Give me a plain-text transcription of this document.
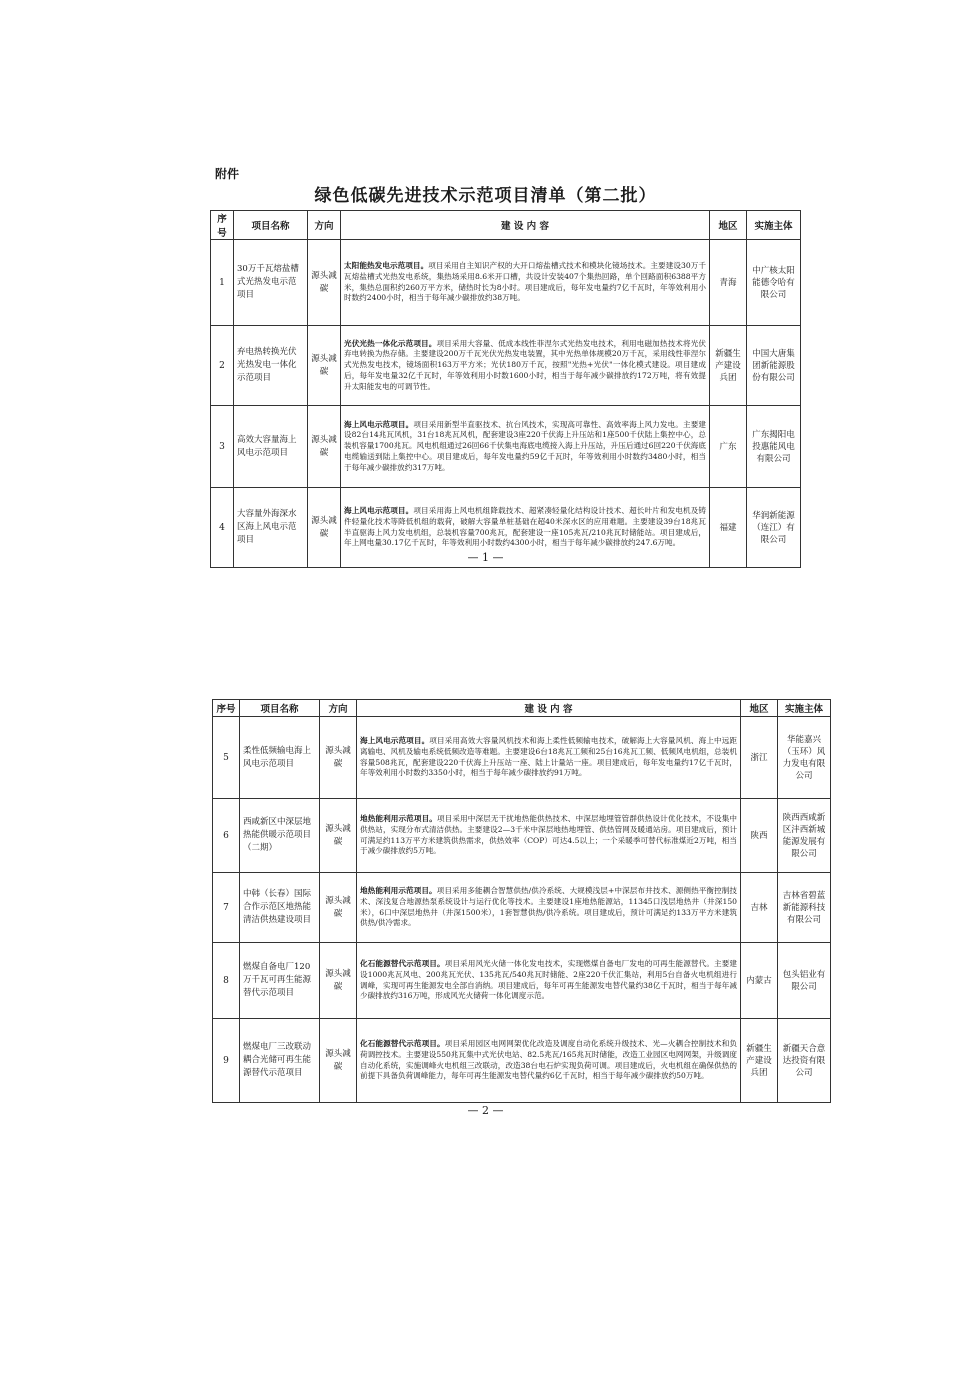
附件
绿色低碳先进技术示范项目清单（第二批）
序号	项目名称	方向	建 设 内 容	地区	实施主体
1	30万千瓦熔盐槽式光热发电示范项目	源头减碳	太阳能热发电示范项目。项目采用自主知识产权的大开口熔盐槽式技术和模块化镜场技术。主要建设30万千瓦熔盐槽式光热发电系统，集热场采用8.6米开口槽，共设计安装407个集热回路，单个回路面积6388平方米，集热总面积约260万平方米，储热时长为8小时。项目建成后，每年发电量约7亿千瓦时，年等效利用小时数约2400小时，相当于每年减少碳排放约38万吨。	青海	中广核太阳能德令哈有限公司
2	弃电热转换光伏光热发电一体化示范项目	源头减碳	光伏光热一体化示范项目。项目采用大容量、低成本线性菲涅尔式光热发电技术，利用电磁加热技术将光伏弃电转换为热存储。主要建设200万千瓦光伏光热发电装置，其中光热单体规模20万千瓦，采用线性菲涅尔式光热发电技术，镜场面积163万平方米；光伏180万千瓦，按照"光热+光伏"一体化模式建设。项目建成后，每年发电量32亿千瓦时，年等效利用小时数1600小时，相当于每年减少碳排放约172万吨，将有效提升太阳能发电的可调节性。	新疆生产建设兵团	中国大唐集团新能源股份有限公司
3	高效大容量海上风电示范项目	源头减碳	海上风电示范项目。项目采用新型半直驱技术、抗台风技术，实现高可靠性、高效率海上风力发电。主要建设82台14兆瓦风机，31台18兆瓦风机，配套建设3座220千伏海上升压站和1座500千伏陆上集控中心，总装机容量1700兆瓦。风电机组通过26回66千伏集电海底电缆接入海上升压站，升压后通过6回220千伏海底电缆输送到陆上集控中心。项目建成后，每年发电量约59亿千瓦时，年等效利用小时数约3480小时，相当于每年减少碳排放约317万吨。	广东	广东揭阳电投惠能风电有限公司
4	大容量外海深水区海上风电示范项目	源头减碳	海上风电示范项目。项目采用海上风电机组降载技术、超紧凑轻量化结构设计技术、超长叶片和发电机及铸件轻量化技术等降低机组的载荷，破解大容量单桩基础在超40米深水区的应用难题。主要建设39台18兆瓦半直驱海上风力发电机组，总装机容量700兆瓦，配套建设一座105兆瓦/210兆瓦时储能站。项目建成后，年上网电量30.17亿千瓦时，年等效利用小时数约4300小时，相当于每年减少碳排放约247.6万吨。	福建	华润新能源（连江）有限公司
— 1 —
序号	项目名称	方向	建 设 内 容	地区	实施主体
5	柔性低频输电海上风电示范项目	源头减碳	海上风电示范项目。项目采用高效大容量风机技术和海上柔性低频输电技术，破解海上大容量风机、海上中远距离输电、风机及输电系统低频改造等难题。主要建设6台18兆瓦工频和25台16兆瓦工频、低频风电机组，总装机容量508兆瓦，配套建设220千伏海上升压站一座、陆上计量站一座。项目建成后，每年发电量约17亿千瓦时，年等效利用小时数约3350小时，相当于每年减少碳排放约91万吨。	浙江	华能嘉兴（玉环）风力发电有限公司
6	西咸新区中深层地热能供暖示范项目（二期）	源头减碳	地热能利用示范项目。项目采用中深层无干扰地热能供热技术、中深层地埋管管群供热设计优化技术，不设集中供热站，实现分布式清洁供热。主要建设2—3千米中深层地热地埋管、供热管网及暖通站房。项目建成后，预计可满足约113万平方米建筑供热需求，供热效率（COP）可达4.5以上；一个采暖季可替代标准煤近2万吨，相当于减少碳排放约5万吨。	陕西	陕西西咸新区沣西新城能源发展有限公司
7	中韩（长春）国际合作示范区地热能清洁供热建设项目	源头减碳	地热能利用示范项目。项目采用多能耦合智慧供热/供冷系统、大规模浅层+中深层布井技术、源侧热平衡控制技术、深浅复合地源热泵系统设计与运行优化等技术。主要建设1座地热能源站，11345口浅层地热井（井深150米），6口中深层地热井（井深1500米），1套智慧供热/供冷系统。项目建成后，预计可满足约133万平方米建筑供热/供冷需求。	吉林	吉林省碧蓝新能源科技有限公司
8	燃煤自备电厂120万千瓦可再生能源替代示范项目	源头减碳	化石能源替代示范项目。项目采用风光火储一体化发电技术，实现燃煤自备电厂发电的可再生能源替代。主要建设1000兆瓦风电、200兆瓦光伏、135兆瓦/540兆瓦时储能、2座220千伏汇集站，利用5台自备火电机组进行调峰，实现可再生能源发电全部自消纳。项目建成后，每年可再生能源发电替代量约38亿千瓦时，相当于每年减少碳排放约316万吨，形成风光火储荷一体化调度示范。	内蒙古	包头铝业有限公司
9	燃煤电厂三改联动耦合光储可再生能源替代示范项目	源头减碳	化石能源替代示范项目。项目采用园区电网网架优化改造及调度自动化系统升级技术、光—火耦合控制技术和负荷调控技术。主要建设550兆瓦集中式光伏电站、82.5兆瓦/165兆瓦时储能，改造工业园区电网网架，升级调度自动化系统，实施调峰火电机组三改联动，改造38台电石炉实现负荷可调。项目建成后，火电机组在确保供热的前提下具备负荷调峰能力，每年可再生能源发电替代量约6亿千瓦时，相当于每年减少碳排放约50万吨。	新疆生产建设兵团	新疆天合意达投资有限公司
— 2 —
